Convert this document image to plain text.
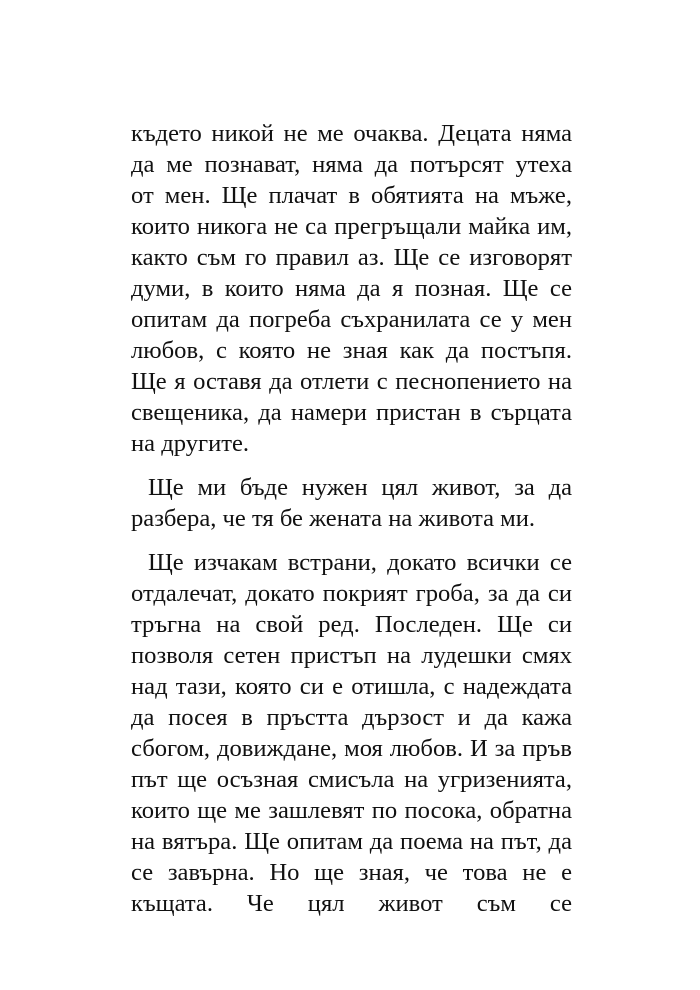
където никой не ме очаква. Децата няма
да ме познават, няма да потърсят утеха
от мен. Ще плачат в обятията на мъже,
които никога не са прегръщали майка им,
както съм го правил аз. Ще се изговорят
думи, в които няма да я позная. Ще се
опитам да погреба съхранилата се у мен
любов, с която не зная как да постъпя.
Ще я оставя да отлети с песнопението на
свещеника, да намери пристан в сърцата
на другите.
Ще ми бъде нужен цял живот, за да
разбера, че тя бе жената на живота ми.
Ще изчакам встрани, докато всички се
отдалечат, докато покрият гроба, за да си
тръгна на свой ред. Последен. Ще си
позволя сетен пристъп на лудешки смях
над тази, която си е отишла, с надеждата
да посея в пръстта дързост и да кажа
сбогом, довиждане, моя любов. И за пръв
път ще осъзная смисъла на угризенията,
които ще ме зашлевят по посока, обратна
на вятъра. Ще опитам да поема на път, да
се завърна. Но ще зная, че това не е
къщата. Че цял живот съм се
